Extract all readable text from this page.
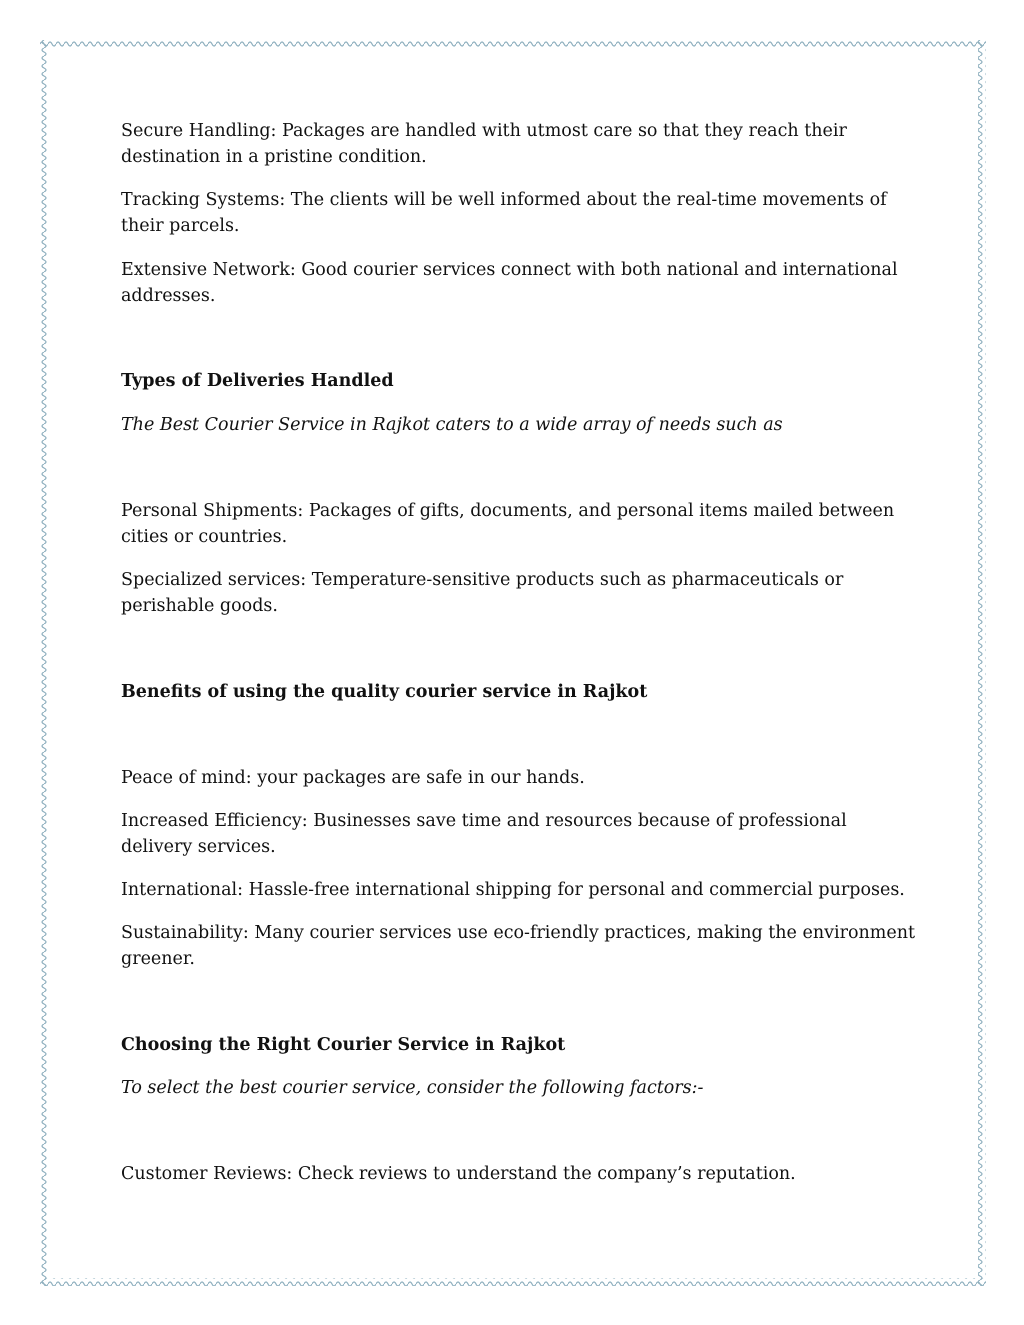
Secure Handling: Packages are handled with utmost care so that they reach their destination in a pristine condition.

Tracking Systems: The clients will be well informed about the real-time movements of their parcels.

Extensive Network: Good courier services connect with both national and international addresses.

Types of Deliveries Handled

The Best Courier Service in Rajkot caters to a wide array of needs such as

Personal Shipments: Packages of gifts, documents, and personal items mailed between cities or countries.

Specialized services: Temperature-sensitive products such as pharmaceuticals or perishable goods.

Benefits of using the quality courier service in Rajkot

Peace of mind: your packages are safe in our hands.

Increased Efficiency: Businesses save time and resources because of professional delivery services.

International: Hassle-free international shipping for personal and commercial purposes.

Sustainability: Many courier services use eco-friendly practices, making the environment greener.

Choosing the Right Courier Service in Rajkot

To select the best courier service, consider the following factors:-

Customer Reviews: Check reviews to understand the company’s reputation.
